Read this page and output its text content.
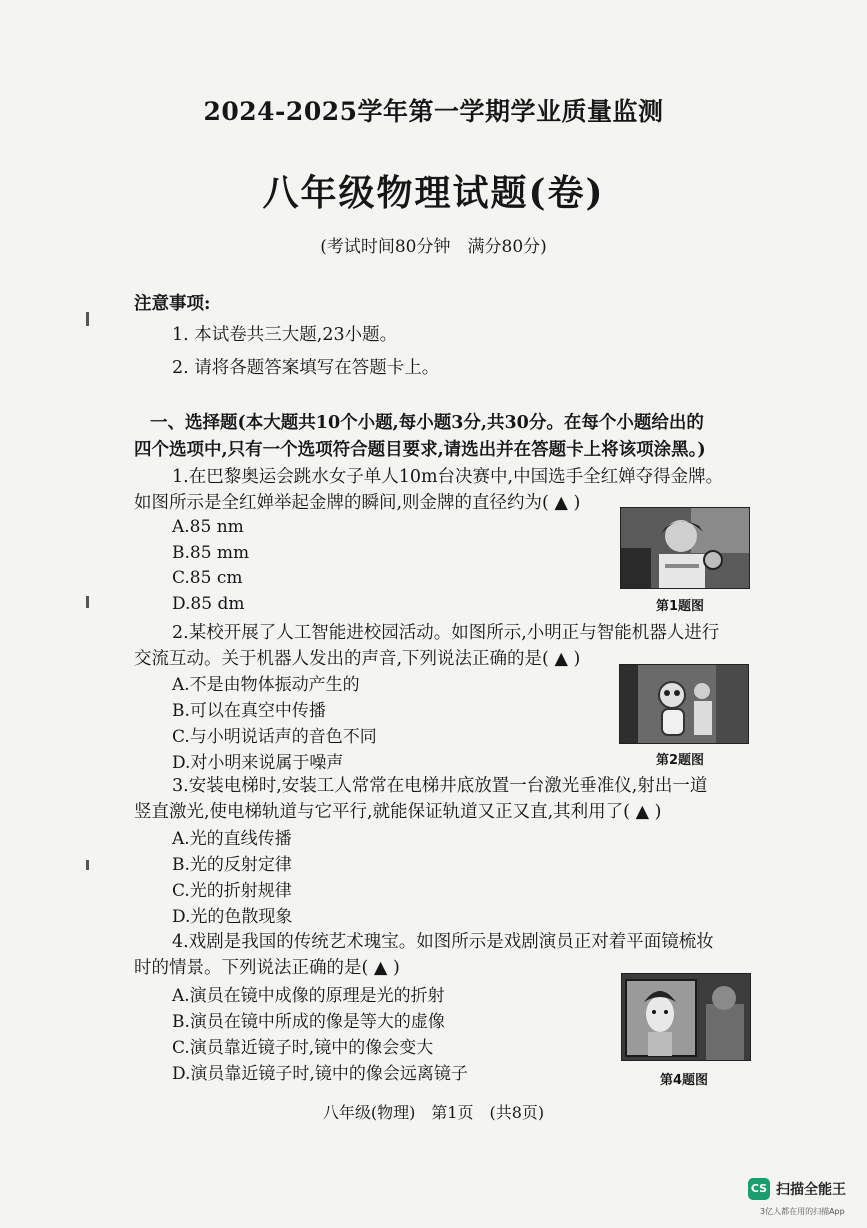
2024-2025学年第一学期学业质量监测
八年级物理试题(卷)
(考试时间80分钟　满分80分)
注意事项:
1. 本试卷共三大题,23小题。
2. 请将各题答案填写在答题卡上。
一、选择题(本大题共10个小题,每小题3分,共30分。在每个小题给出的
四个选项中,只有一个选项符合题目要求,请选出并在答题卡上将该项涂黑。)
1.在巴黎奥运会跳水女子单人10m台决赛中,中国选手全红婵夺得金牌。
如图所示是全红婵举起金牌的瞬间,则金牌的直径约为( ▲ )
A.85 nm
B.85 mm
C.85 cm
D.85 dm	第1题图
2.某校开展了人工智能进校园活动。如图所示,小明正与智能机器人进行
交流互动。关于机器人发出的声音,下列说法正确的是( ▲ )
A.不是由物体振动产生的
B.可以在真空中传播
C.与小明说话声的音色不同
D.对小明来说属于噪声	第2题图
3.安装电梯时,安装工人常常在电梯井底放置一台激光垂准仪,射出一道
竖直激光,使电梯轨道与它平行,就能保证轨道又正又直,其利用了( ▲ )
A.光的直线传播
B.光的反射定律
C.光的折射规律
D.光的色散现象
4.戏剧是我国的传统艺术瑰宝。如图所示是戏剧演员正对着平面镜梳妆
时的情景。下列说法正确的是( ▲ )
A.演员在镜中成像的原理是光的折射
B.演员在镜中所成的像是等大的虚像
C.演员靠近镜子时,镜中的像会变大
D.演员靠近镜子时,镜中的像会远离镜子	第4题图
八年级(物理)　第1页　(共8页)
CS 扫描全能王
3亿人都在用的扫描App
